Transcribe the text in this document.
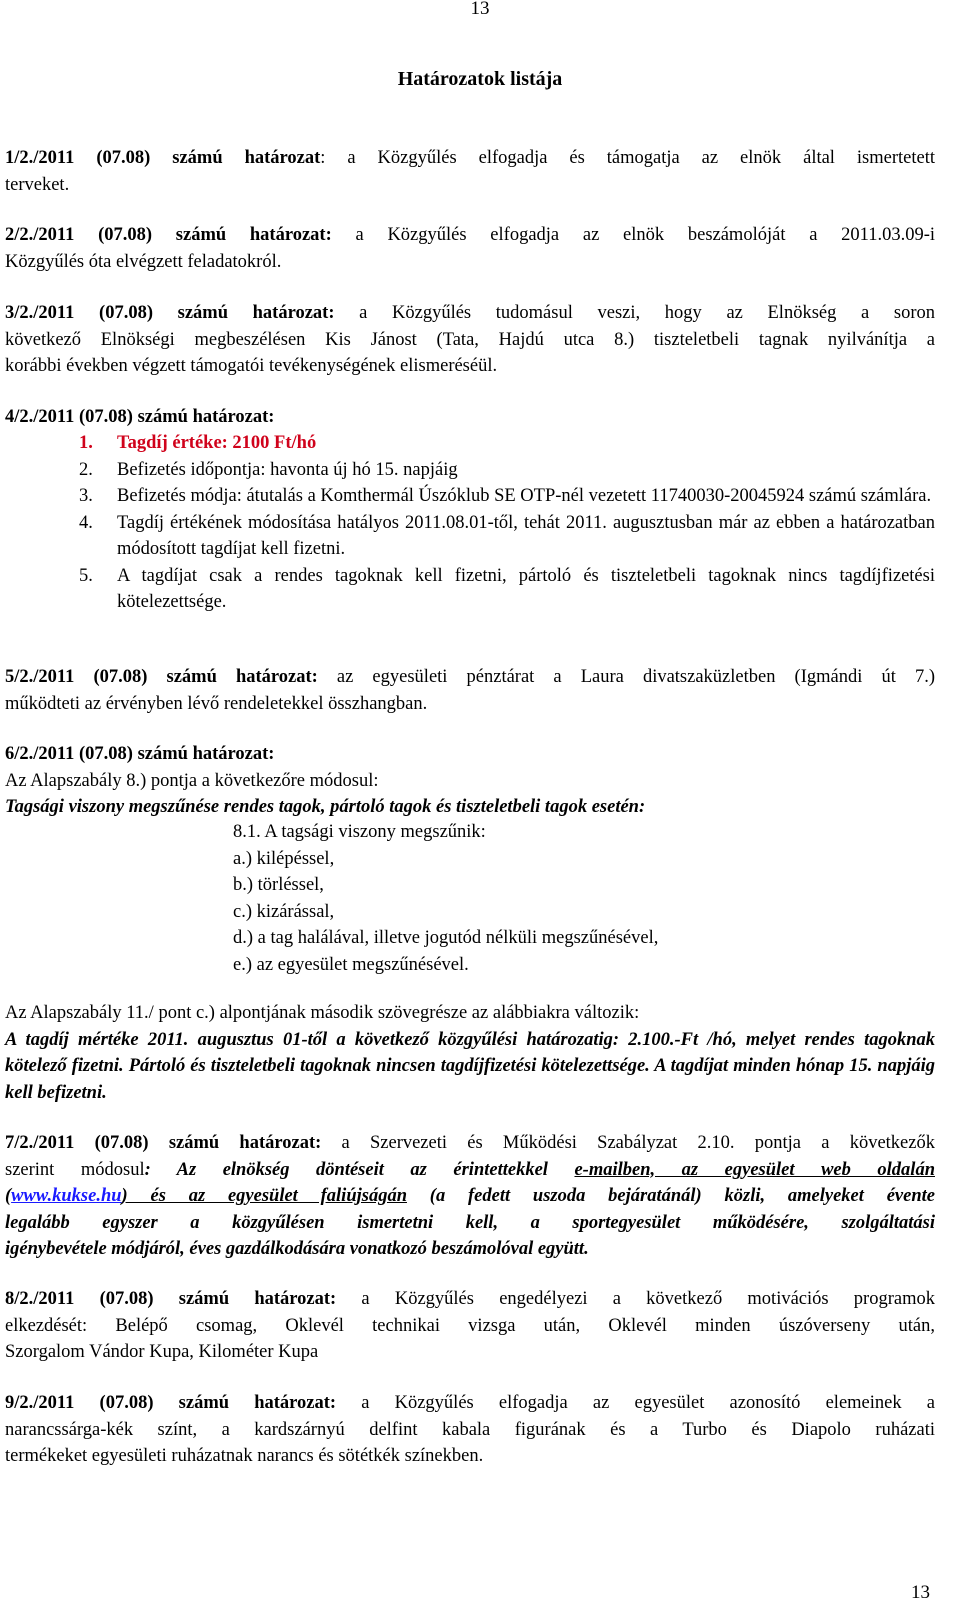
13
Határozatok listája
1/2./2011 (07.08) számú határozat: a Közgyűlés elfogadja és támogatja az elnök által ismertetett
terveket.
2/2./2011 (07.08) számú határozat: a Közgyűlés elfogadja az elnök beszámolóját a 2011.03.09-i
Közgyűlés óta elvégzett feladatokról.
3/2./2011 (07.08) számú határozat: a Közgyűlés tudomásul veszi, hogy az Elnökség a soron
következő Elnökségi megbeszélésen Kis Jánost (Tata, Hajdú utca 8.) tiszteletbeli tagnak nyilvánítja a
korábbi években végzett támogatói tevékenységének elismeréséül.
4/2./2011 (07.08) számú határozat:
1.	Tagdíj értéke: 2100 Ft/hó
2.	Befizetés időpontja: havonta új hó 15. napjáig
3.	Befizetés módja: átutalás a Komthermál Úszóklub SE OTP-nél vezetett 11740030-20045924 számú számlára.
4.	Tagdíj értékének módosítása hatályos 2011.08.01-től, tehát 2011. augusztusban már az ebben a határozatban módosított tagdíjat kell fizetni.
5.	A tagdíjat csak a rendes tagoknak kell fizetni, pártoló és tiszteletbeli tagoknak nincs tagdíjfizetési kötelezettsége.
5/2./2011 (07.08) számú határozat: az egyesületi pénztárat a Laura divatszaküzletben (Igmándi út 7.)
működteti az érvényben lévő rendeletekkel összhangban.
6/2./2011 (07.08) számú határozat:
Az Alapszabály 8.) pontja a következőre módosul:
Tagsági viszony megszűnése rendes tagok, pártoló tagok és tiszteletbeli tagok esetén:
8.1. A tagsági viszony megszűnik:
a.) kilépéssel,
b.) törléssel,
c.) kizárással,
d.) a tag halálával, illetve jogutód nélküli megszűnésével,
e.) az egyesület megszűnésével.
Az Alapszabály 11./ pont c.) alpontjának második szövegrésze az alábbiakra változik:
A tagdíj mértéke 2011. augusztus 01-től a következő közgyűlési határozatig: 2.100.-Ft /hó, melyet rendes tagoknak kötelező fizetni. Pártoló és tiszteletbeli tagoknak nincsen tagdíjfizetési kötelezettsége. A tagdíjat minden hónap 15. napjáig kell befizetni.
7/2./2011 (07.08) számú határozat: a Szervezeti és Működési Szabályzat 2.10. pontja a következők
szerint módosul: Az elnökség döntéseit az érintettekkel e-mailben, az egyesület web oldalán
(www.kukse.hu) és az egyesület faliújságán (a fedett uszoda bejáratánál) közli, amelyeket évente
legalább egyszer a közgyűlésen ismertetni kell, a sportegyesület működésére, szolgáltatási
igénybevétele módjáról, éves gazdálkodására vonatkozó beszámolóval együtt.
8/2./2011 (07.08) számú határozat: a Közgyűlés engedélyezi a következő motivációs programok
elkezdését: Belépő csomag, Oklevél technikai vizsga után, Oklevél minden úszóverseny után,
Szorgalom Vándor Kupa, Kilométer Kupa
9/2./2011 (07.08) számú határozat: a Közgyűlés elfogadja az egyesület azonosító elemeinek a
narancssárga-kék színt, a kardszárnyú delfint kabala figurának és a Turbo és Diapolo ruházati
termékeket egyesületi ruházatnak narancs és sötétkék színekben.
13
